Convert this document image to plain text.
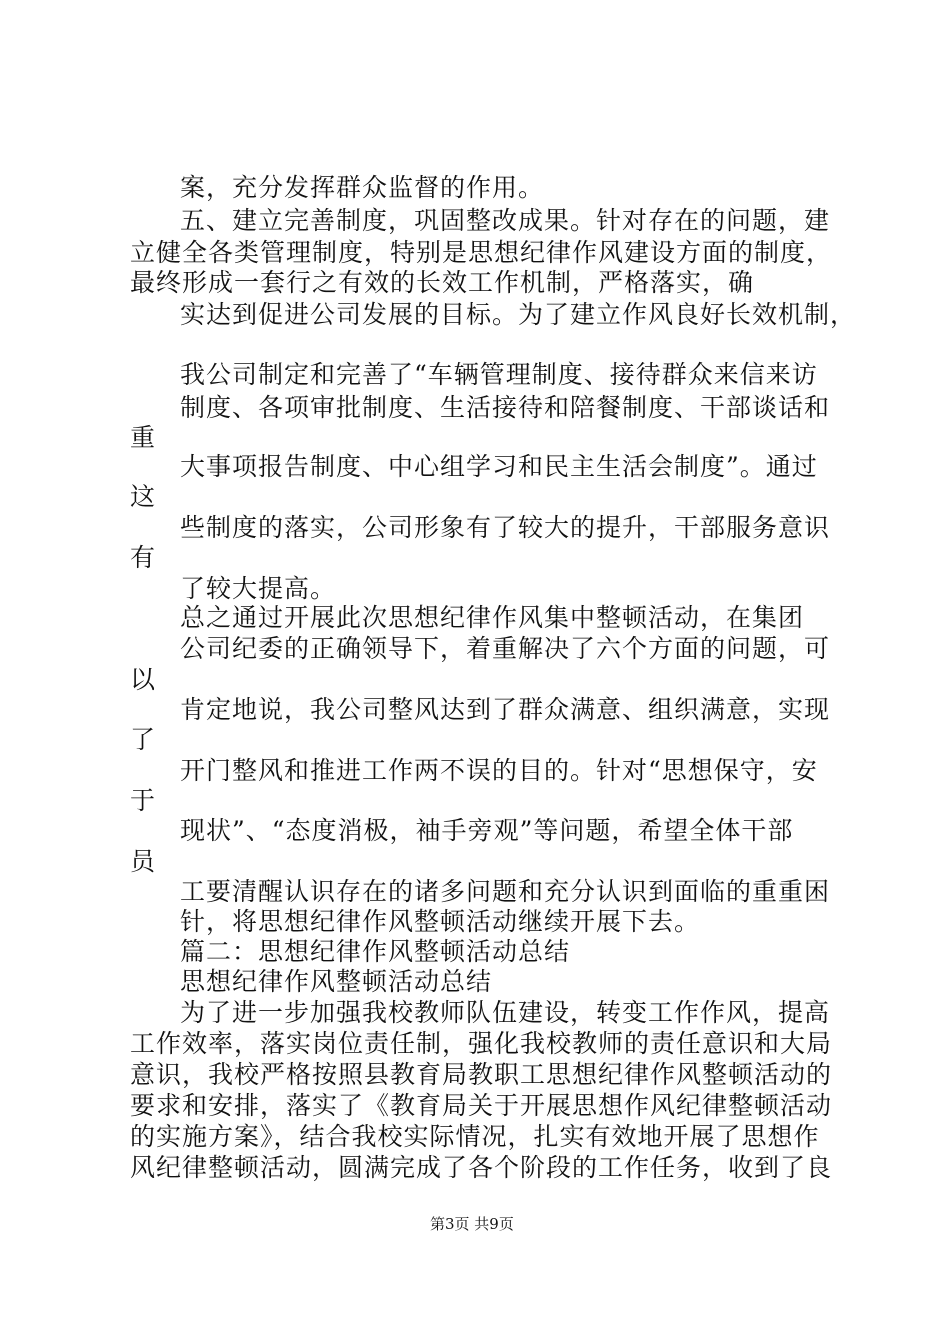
案，充分发挥群众监督的作用。
五、建立完善制度，巩固整改成果。针对存在的问题，建
立健全各类管理制度，特别是思想纪律作风建设方面的制度，
最终形成一套行之有效的长效工作机制，严格落实，确
实达到促进公司发展的目标。为了建立作风良好长效机制，
我公司制定和完善了“车辆管理制度、接待群众来信来访
制度、各项审批制度、生活接待和陪餐制度、干部谈话和
重
大事项报告制度、中心组学习和民主生活会制度”。通过
这
些制度的落实，公司形象有了较大的提升，干部服务意识
有
了较大提高。
总之通过开展此次思想纪律作风集中整顿活动，在集团
公司纪委的正确领导下，着重解决了六个方面的问题，可
以
肯定地说，我公司整风达到了群众满意、组织满意，实现
了
开门整风和推进工作两不误的目的。针对“思想保守，安
于
现状”、“态度消极，袖手旁观”等问题，希望全体干部
员
工要清醒认识存在的诸多问题和充分认识到面临的重重困
针，将思想纪律作风整顿活动继续开展下去。
篇二：思想纪律作风整顿活动总结
思想纪律作风整顿活动总结
为了进一步加强我校教师队伍建设，转变工作作风，提高
工作效率，落实岗位责任制，强化我校教师的责任意识和大局
意识，我校严格按照县教育局教职工思想纪律作风整顿活动的
要求和安排，落实了《教育局关于开展思想作风纪律整顿活动
的实施方案》，结合我校实际情况，扎实有效地开展了思想作
风纪律整顿活动，圆满完成了各个阶段的工作任务，收到了良
第3页 共9页
